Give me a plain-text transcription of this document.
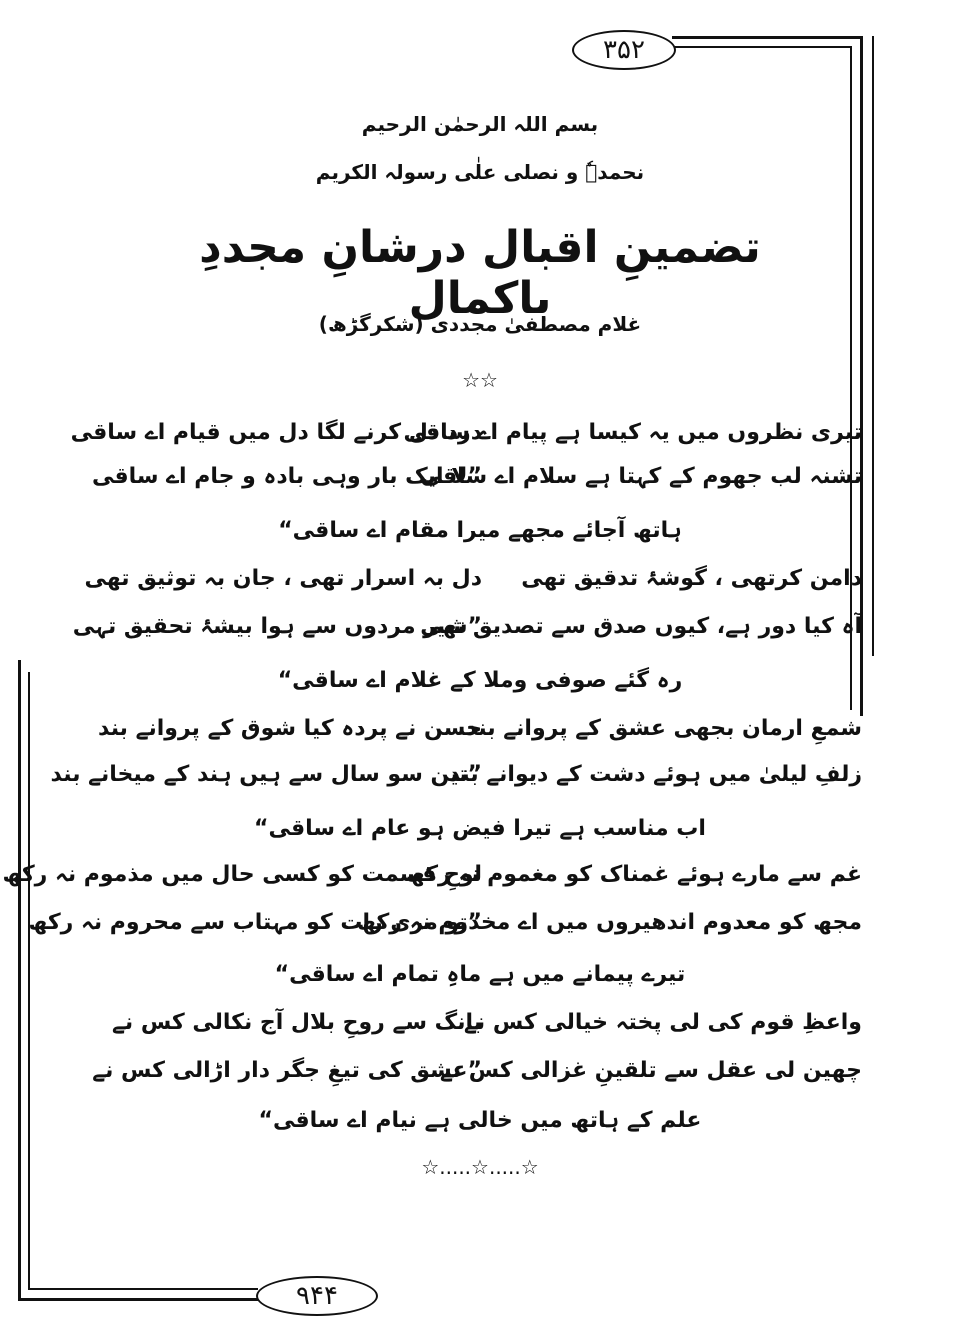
۳۵۲
۹۴۴
بسم اللہ الرحمٰن الرحیم
نحمدہٗ و نصلی علٰی رسولہ الکریم
تضمینِ اقبال درشانِ مجددِ باکمال
غلام مصطفیٰ مجددی (شکرگڑھ)
☆☆
تیری نظروں میں یہ کیسا ہے پیام اے ساقی
درد دل کرنے لگا دل میں قیام اے ساقی
تشنہ لب جھوم کے کہتا ہے سلام اے ساقی
”لا ایک بار وہی بادہ و جام اے ساقی
ہاتھ آجائے مجھے میرا مقام اے ساقی“
دامن کرتھی ، گوشۂ تدقیق تھی
دل بہ اسرار تھی ، جان بہ توثیق تھی
آہ کیا دور ہے، کیوں صدق سے تصدیق تھی
”شیر مردوں سے ہوا بیشۂ تحقیق تہی
رہ گئے صوفی وملا کے غلام اے ساقی“
شمعِ ارمان بجھی عشق کے پروانے بند
حسن نے پردہ کیا شوق کے پروانے بند
زلفِ لیلیٰ میں ہوئے دشت کے دیوانے بند
”تین سو سال سے ہیں ہند کے میخانے بند
اب مناسب ہے تیرا فیض ہو عام اے ساقی“
غم سے مارے ہوئے غمناک کو مغموم نہ رکھ
لوحِ قسمت کو کسی حال میں مذموم نہ رکھ
مجھ کو معدوم اندھیروں میں اے مخدوم نہ رکھ
”تو مری رات کو مہتاب سے محروم نہ رکھ
تیرے پیمانے میں ہے ماہِ تمام اے ساقی“
واعظِ قوم کی لی پختہ خیالی کس نے
بانگ سے روحِ بلال آج نکالی کس نے
چھین لی عقل سے تلقینِ غزالی کس نے
”عشق کی تیغِ جگر دار اڑالی کس نے
علم کے ہاتھ میں خالی ہے نیام اے ساقی“
☆.....☆.....☆
